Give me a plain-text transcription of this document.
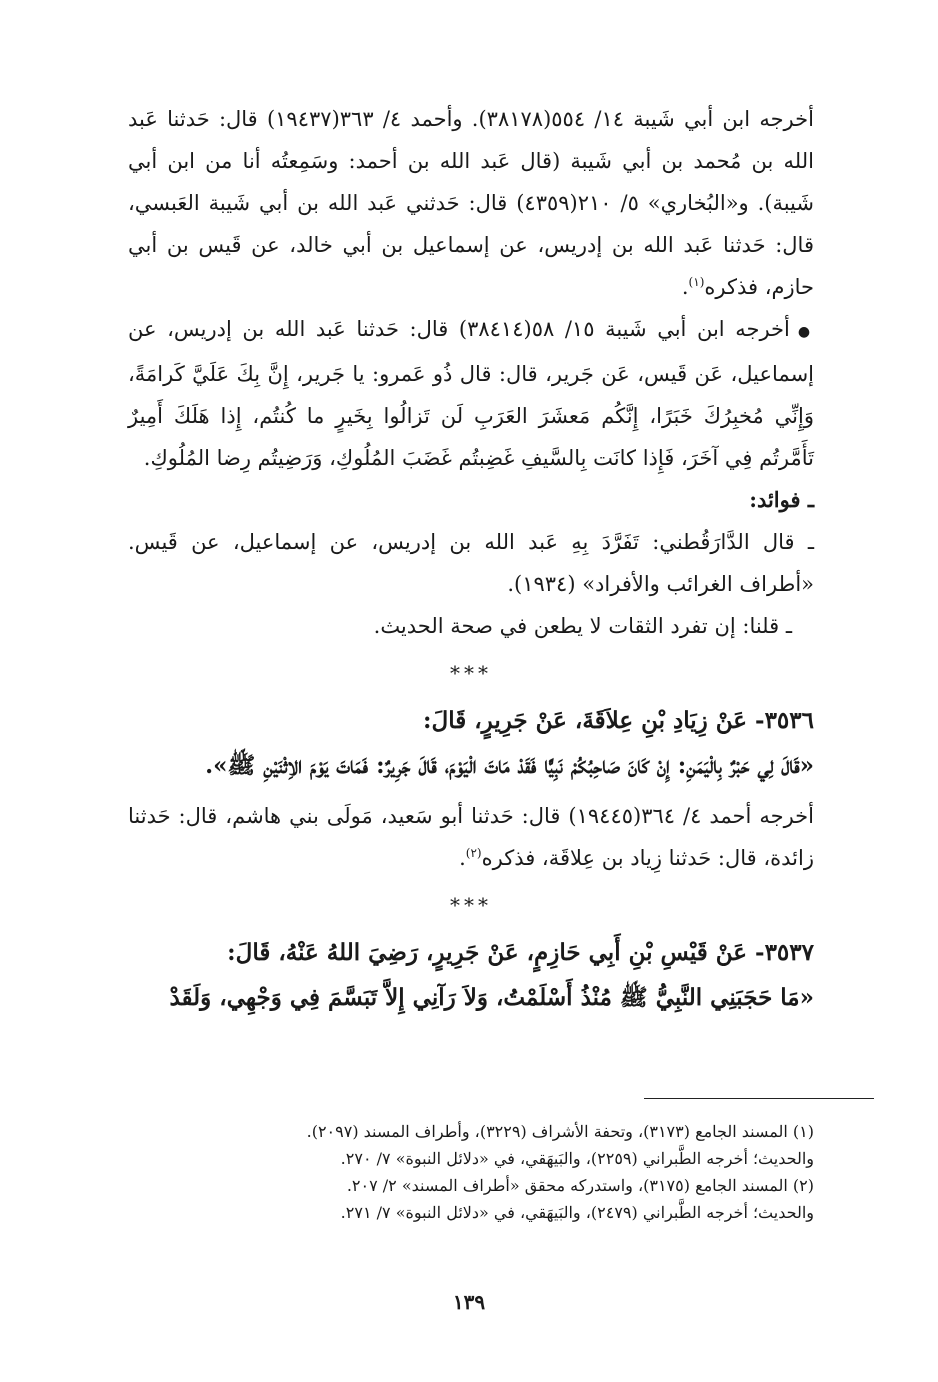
أخرجه ابن أبي شَيبة ١٤/ ٥٥٤(٣٨١٧٨). وأحمد ٤/ ٣٦٣(١٩٤٣٧) قال: حَدثنا عَبد الله بن مُحمد بن أبي شَيبة (قال عَبد الله بن أحمد: وسَمِعتُه أنا من ابن أبي شَيبة). و«البُخاري» ٥/ ٢١٠(٤٣٥٩) قال: حَدثني عَبد الله بن أبي شَيبة العَبسي، قال: حَدثنا عَبد الله بن إدريس، عن إسماعيل بن أبي خالد، عن قَيس بن أبي حازم، فذكره$^{(١)}$.

● أخرجه ابن أبي شَيبة ١٥/ ٥٨(٣٨٤١٤) قال: حَدثنا عَبد الله بن إدريس، عن إسماعيل، عَن قَيس، عَن جَرير، قال: قال ذُو عَمرو: يا جَرير، إِنَّ بِكَ عَلَيَّ كَرامَةً، وَإِنِّي مُخبِرُكَ خَبَرًا، إِنَّكُم مَعشَرَ العَرَبِ لَن تَزالُوا بِخَيرٍ ما كُنتُم، إِذا هَلَكَ أَمِيرٌ تَأَمَّرتُم فِي آخَرَ، فَإِذا كانَت بِالسَّيفِ غَضِبتُم غَضَبَ المُلُوكِ، وَرَضِيتُم رِضا المُلُوكِ.

ـ فوائد:

ـ قال الدَّارَقُطني: تَفَرَّدَ بِهِ عَبد الله بن إدريس، عن إسماعيل، عن قَيس. «أطراف الغرائب والأفراد» (١٩٣٤).

ـ قلنا: إن تفرد الثقات لا يطعن في صحة الحديث.

***

٣٥٣٦- عَنْ زِيَادِ بْنِ عِلاَقَةَ، عَنْ جَرِيرٍ، قَالَ:

«قَالَ لِي حَبْرٌ بِالْيَمَنِ: إِنْ كَانَ صَاحِبُكُمْ نَبِيًّا فَقَدْ مَاتَ الْيَوْمَ، قَالَ جَرِيرٌ: فَمَاتَ يَوْمَ الاِثْنَيْنِ ﷺ».

أخرجه أحمد ٤/ ٣٦٤(١٩٤٤٥) قال: حَدثنا أبو سَعيد، مَولَى بني هاشم، قال: حَدثنا زائدة، قال: حَدثنا زِياد بن عِلاقَة، فذكره$^{(٢)}$.

***

٣٥٣٧- عَنْ قَيْسِ بْنِ أَبِي حَازِمٍ، عَنْ جَرِيرٍ، رَضِيَ اللهُ عَنْهُ، قَالَ:

«مَا حَجَبَنِي النَّبِيُّ ﷺ مُنْذُ أَسْلَمْتُ، وَلاَ رَآنِي إِلاَّ تَبَسَّمَ فِي وَجْهِي، وَلَقَدْ

(١) المسند الجامع (٣١٧٣)، وتحفة الأشراف (٣٢٢٩)، وأطراف المسند (٢٠٩٧).

والحديث؛ أخرجه الطَّبراني (٢٢٥٩)، والبَيهَقي، في «دلائل النبوة» ٧/ ٢٧٠.

(٢) المسند الجامع (٣١٧٥)، واستدركه محقق «أطراف المسند» ٢/ ٢٠٧.

والحديث؛ أخرجه الطَّبراني (٢٤٧٩)، والبَيهَقي، في «دلائل النبوة» ٧/ ٢٧١.

١٣٩
